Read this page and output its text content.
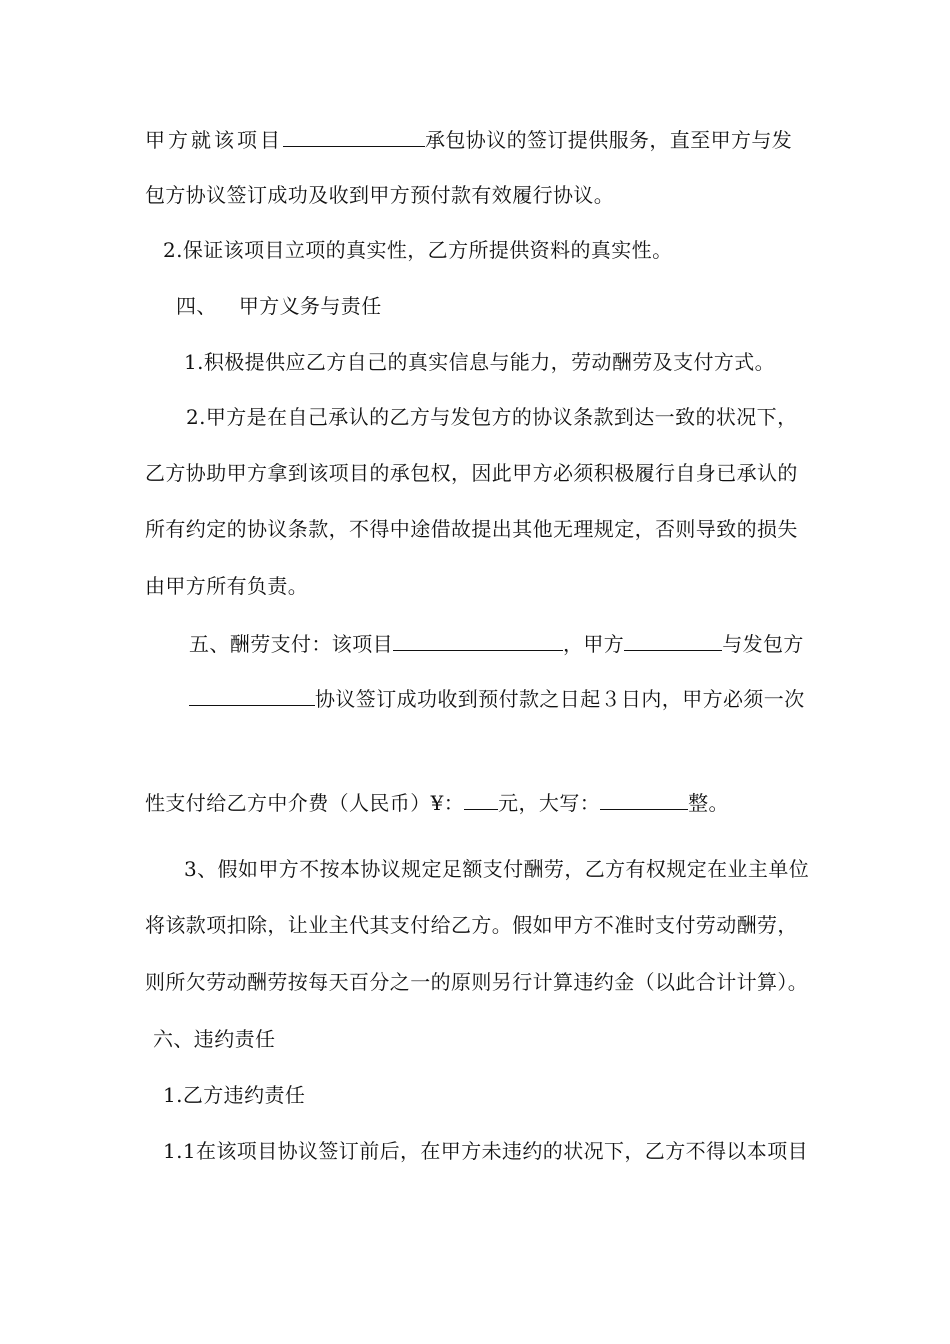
甲方就该项目	承包协议的签订提供服务，直至甲方与发
包方协议签订成功及收到甲方预付款有效履行协议。
2.保证该项目立项的真实性，乙方所提供资料的真实性。
四、 甲方义务与责任
1.积极提供应乙方自己的真实信息与能力，劳动酬劳及支付方式。
2.甲方是在自己承认的乙方与发包方的协议条款到达一致的状况下，
乙方协助甲方拿到该项目的承包权，因此甲方必须积极履行自身已承认的
所有约定的协议条款，不得中途借故提出其他无理规定，否则导致的损失
由甲方所有负责。
五、酬劳支付：该项目	，甲方	与发包方
协议签订成功收到预付款之日起３日内，甲方必须一次
性支付给乙方中介费（人民币）¥： 元，大写：	整。
3、假如甲方不按本协议规定足额支付酬劳，乙方有权规定在业主单位
将该款项扣除，让业主代其支付给乙方。假如甲方不准时支付劳动酬劳，
则所欠劳动酬劳按每天百分之一的原则另行计算违约金（以此合计计算）。
六、违约责任
1.乙方违约责任
1.1在该项目协议签订前后，在甲方未违约的状况下，乙方不得以本项目
